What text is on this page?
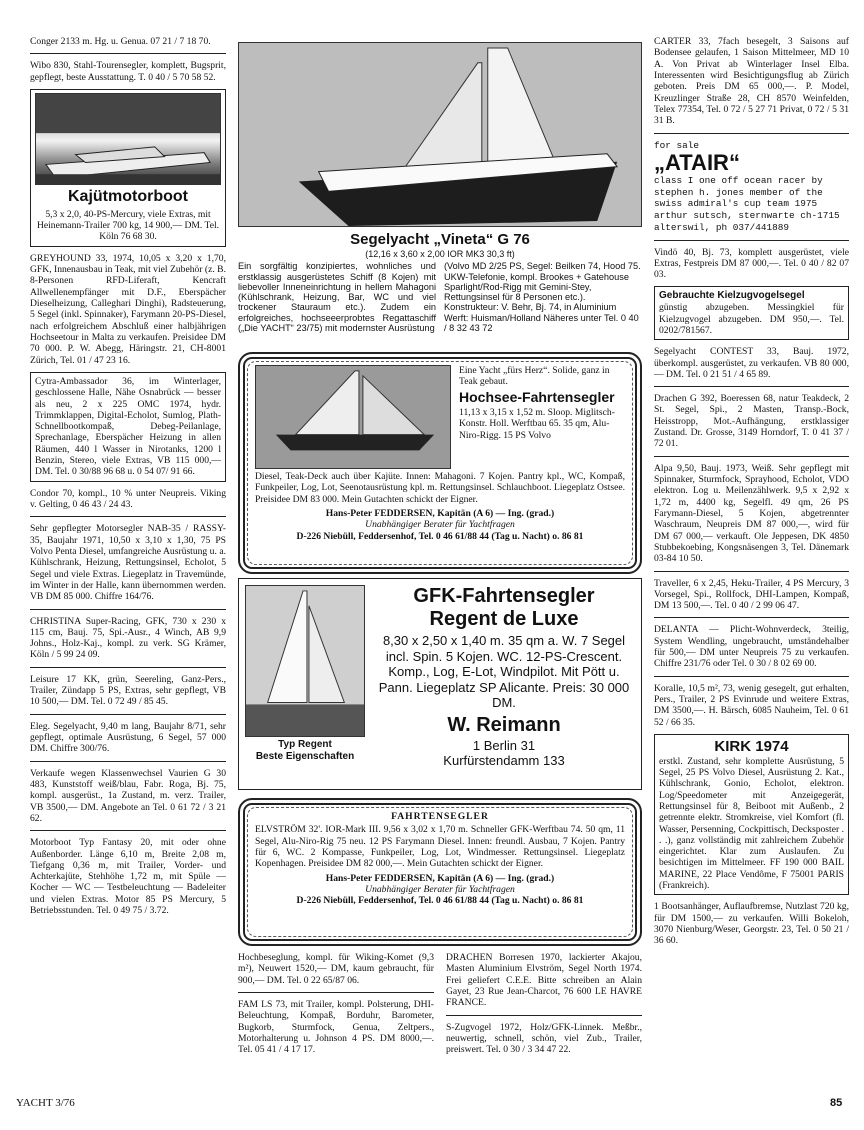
Conger 2133 m. Hg. u. Genua. 07 21 / 7 18 70.

Wibo 830, Stahl-Tourensegler, komplett, Bugsprit, gepflegt, beste Ausstattung. T. 0 40 / 5 70 58 52.

Kajütmotorboot

5,3 x 2,0, 40-PS-Mercury, viele Extras, mit Heinemann-Trailer 700 kg, 14 900,— DM. Tel. Köln 76 68 30.

GREYHOUND 33, 1974, 10,05 x 3,20 x 1,70, GFK, Innenausbau in Teak, mit viel Zubehör (z. B. 8-Personen RFD-Liferaft, Kencraft Allwellenempfänger mit D.F., Eberspächer Dieselheizung, Calleghari Dinghi), Radsteuerung, 5 Segel (inkl. Spinnaker), Farymann 20-PS-Diesel, nach erfolgreichem Abschluß einer halbjährigen Hochseetour in Malta zu verkaufen. Preisidee DM 70 000. P. W. Abegg, Häringstr. 21, CH-8001 Zürich, Tel. 01 / 47 23 16.

Cytra-Ambassador 36, im Winterlager, geschlossene Halle, Nähe Osnabrück — besser als neu, 2 x 225 OMC 1974, hydr. Trimmklappen, Digital-Echolot, Sumlog, Plath-Schnellbootkompaß, Debeg-Peilanlage, Sprechanlage, Eberspächer Heizung in allen Räumen, 440 l Wasser in Nirotanks, 1200 l Benzin, Stereo, viele Extras, VB 115 000,— DM. Tel. 0 30/88 96 68 u. 0 54 07/ 91 66.

Condor 70, kompl., 10 % unter Neupreis. Viking v. Gelting, 0 46 43 / 24 43.

Sehr gepflegter Motorsegler NAB-35 / RASSY-35, Baujahr 1971, 10,50 x 3,10 x 1,30, 75 PS Volvo Penta Diesel, umfangreiche Ausrüstung u. a. Kühlschrank, Heizung, Rettungsinsel, Echolot, 5 Segel und viele Extras. Liegeplatz in Travemünde, im Winter in der Halle, kann übernommen werden. VB DM 85 000. Chiffre 164/76.

CHRISTINA Super-Racing, GFK, 730 x 230 x 115 cm, Bauj. 75, Spi.-Ausr., 4 Winch, AB 9,9 Johns., Holz-Kaj., kompl. zu verk. SG Krämer, Köln / 5 99 24 09.

Leisure 17 KK, grün, Seereling, Ganz-Pers., Trailer, Zündapp 5 PS, Extras, sehr gepflegt, VB 10 500,— DM. Tel. 0 72 49 / 85 45.

Eleg. Segelyacht, 9,40 m lang, Baujahr 8/71, sehr gepflegt, optimale Ausrüstung, 6 Segel, 57 000 DM. Chiffre 300/76.

Verkaufe wegen Klassenwechsel Vaurien G 30 483, Kunststoff weiß/blau, Fabr. Roga, Bj. 75, kompl. ausgerüst., 1a Zustand, m. verz. Trailer, VB 3500,— DM. Angebote an Tel. 0 61 72 / 3 21 62.

Motorboot Typ Fantasy 20, mit oder ohne Außenborder. Länge 6,10 m, Breite 2,08 m, Tiefgang 0,36 m, mit Trailer, Vorder- und Achterkajüte, Stehhöhe 1,72 m, mit Spüle — Kocher — WC — Testbeleuchtung — Badeleiter und vielen Extras. Motor 85 PS Mercury, 5 Betriebsstunden. Tel. 0 49 75 / 3.72.

Segelyacht „Vineta“ G 76
(12,16 x 3,60 x 2,00 IOR MK3 30,3 ft)

Ein sorgfältig konzipiertes, wohnliches und erstklassig ausgerüstetes Schiff (8 Kojen) mit liebevoller Inneneinrichtung in hellem Mahagoni (Kühlschrank, Heizung, Bar, WC und viel trockener Stauraum etc.). Zudem ein erfolgreiches, hochseeerprobtes Regattaschiff („Die YACHT“ 23/75) mit modernster Ausrüstung

(Volvo MD 2/25 PS, Segel: Beilken 74, Hood 75. UKW-Telefonie, kompl. Brookes + Gatehouse Sparlight/Rod-Rigg mit Gemini-Stey, Rettungsinsel für 8 Personen etc.). Konstrukteur: V. Behr, Bj. 74, in Aluminium Werft: Huisman/Holland Näheres unter Tel. 0 40 / 8 32 43 72

Eine Yacht „fürs Herz“. Solide, ganz in Teak gebaut.

Hochsee-Fahrtensegler

11,13 x 3,15 x 1,52 m. Sloop. Miglitsch-Konstr. Holl. Werftbau 65. 35 qm, Alu-Niro-Rigg. 15 PS Volvo

Diesel, Teak-Deck auch über Kajüte. Innen: Mahagoni. 7 Kojen. Pantry kpl., WC, Kompaß, Funkpeiler, Log, Lot, Seenotausrüstung kpl. m. Rettungsinsel. Schlauchboot. Liegeplatz Ostsee. Preisidee DM 83 000. Mein Gutachten schickt der Eigner.

Hans-Peter FEDDERSEN, Kapitän (A 6) — Ing. (grad.)
Unabhängiger Berater für Yachtfragen
D-226 Niebüll, Feddersenhof, Tel. 0 46 61/88 44 (Tag u. Nacht) o. 86 81
Typ Regent
Beste Eigenschaften
GFK-Fahrtensegler
Regent de Luxe

8,30 x 2,50 x 1,40 m. 35 qm a. W. 7 Segel incl. Spin. 5 Kojen. WC. 12-PS-Crescent. Komp., Log, E-Lot, Windpilot. Mit Pött u. Pann. Liegeplatz SP Alicante. Preis: 30 000 DM.

W. Reimann
1 Berlin 31
Kurfürstendamm 133
FAHRTENSEGLER

ELVSTRÖM 32'. IOR-Mark III. 9,56 x 3,02 x 1,70 m. Schneller GFK-Werftbau 74. 50 qm, 11 Segel, Alu-Niro-Rig 75 neu. 12 PS Farymann Diesel. Innen: freundl. Ausbau, 7 Kojen. Pantry für 6, WC. 2 Kompasse, Funkpeiler, Log, Lot, Windmesser. Rettungsinsel. Liegeplatz Kopenhagen. Preisidee DM 82 000,—. Mein Gutachten schickt der Eigner.

Hans-Peter FEDDERSEN, Kapitän (A 6) — Ing. (grad.)
Unabhängiger Berater für Yachtfragen
D-226 Niebüll, Feddersenhof, Tel. 0 46 61/88 44 (Tag u. Nacht) o. 86 81

Hochbeseglung, kompl. für Wiking-Komet (9,3 m²), Neuwert 1520,— DM, kaum gebraucht, für 900,— DM. Tel. 0 22 65/87 06.

FAM LS 73, mit Trailer, kompl. Polsterung, DHI-Beleuchtung, Kompaß, Borduhr, Barometer, Bugkorb, Sturmfock, Genua, Zeltpers., Motorhalterung u. Johnson 4 PS. DM 8000,—. Tel. 05 41 / 4 17 17.

DRACHEN Borresen 1970, lackierter Akajou, Masten Aluminium Elvström, Segel North 1974. Frei geliefert C.E.E. Bitte schreiben an Alain Gayet, 23 Rue Jean-Charcot, 76 600 LE HAVRE FRANCE.

S-Zugvogel 1972, Holz/GFK-Linnek. Meßbr., neuwertig, schnell, schön, viel Zub., Trailer, preiswert. Tel. 0 30 / 3 34 47 22.

CARTER 33, 7fach besegelt, 3 Saisons auf Bodensee gelaufen, 1 Saison Mittelmeer, MD 10 A. Von Privat ab Winterlager Insel Elba. Interessenten wird Besichtigungsflug ab Zürich geboten. Preis DM 65 000,—. P. Model, Kreuzlinger Straße 28, CH 8570 Weinfelden, Telex 77354, Tel. 0 72 / 5 27 71 Privat, 0 72 / 5 31 31 B.

for sale
„ATAIR“

class I one off ocean racer by stephen h. jones member of the swiss admiral's cup team 1975 arthur sutsch, sternwarte ch-1715 alterswil, ph 037/441889

Vindö 40, Bj. 73, komplett ausgerüstet, viele Extras, Festpreis DM 87 000,—. Tel. 0 40 / 82 07 03.

Gebrauchte Kielzugvogelsegel

günstig abzugeben. Messingkiel für Kielzugvogel abzugeben. DM 950,—. Tel. 0202/781567.

Segelyacht CONTEST 33, Bauj. 1972, überkompl. ausgerüstet, zu verkaufen. VB 80 000,— DM. Tel. 0 21 51 / 4 65 89.

Drachen G 392, Boeressen 68, natur Teakdeck, 2 St. Segel, Spi., 2 Masten, Transp.-Bock, Heisstropp, Mot.-Aufhängung, erstklassiger Zustand. Dr. Grosse, 3149 Horndorf, T. 0 41 37 / 72 01.

Alpa 9,50, Bauj. 1973, Weiß. Sehr gepflegt mit Spinnaker, Sturmfock, Sprayhood, Echolot, VDO elektron. Log u. Meilenzählwerk. 9,5 x 2,92 x 1,72 m, 4400 kg, Segelfl. 49 qm, 26 PS Farymann-Diesel, 5 Kojen, abgetrennter Waschraum, Neupreis DM 87 000,—, wird für DM 67 000,— verkauft. Ole Jeppesen, DK 4850 Stubbekoebing, Kongsnäsengen 3, Tel. Dänemark 03-84 10 50.

Traveller, 6 x 2,45, Heku-Trailer, 4 PS Mercury, 3 Vorsegel, Spi., Rollfock, DHI-Lampen, Kompaß, DM 13 500,—. Tel. 0 40 / 2 99 06 47.

DELANTA — Plicht-Wohnverdeck, 3teilig, System Wendling, ungebraucht, umständehalber für 500,— DM unter Neupreis 75 zu verkaufen. Chiffre 231/76 oder Tel. 0 30 / 8 02 69 00.

Koralle, 10,5 m², 73, wenig gesegelt, gut erhalten, Pers., Trailer, 2 PS Evinrude und weitere Extras, DM 3500,—. H. Bärsch, 6085 Nauheim, Tel. 0 61 52 / 66 35.

KIRK 1974

erstkl. Zustand, sehr komplette Ausrüstung, 5 Segel, 25 PS Volvo Diesel, Ausrüstung 2. Kat., Kühlschrank, Gonio, Echolot, elektron. Log/Speedometer mit Anzeigegerät, Rettungsinsel für 8, Beiboot mit Außenb., 2 getrennte elektr. Stromkreise, viel Komfort (fl. Wasser, Persenning, Cockpittisch, Decksposter . . .), ganz vollständig mit zahlreichem Zubehör eingerichtet. Klar zum Auslaufen. Zu besichtigen im Mittelmeer. FF 190 000 BAIL MARINE, 22 Place Vendôme, F 75001 PARIS (Frankreich).

1 Bootsanhänger, Auflaufbremse, Nutzlast 720 kg, für DM 1500,— zu verkaufen. Willi Bokeloh, 3070 Nienburg/Weser, Georgstr. 23, Tel. 0 50 21 / 36 60.

YACHT 3/76	85
